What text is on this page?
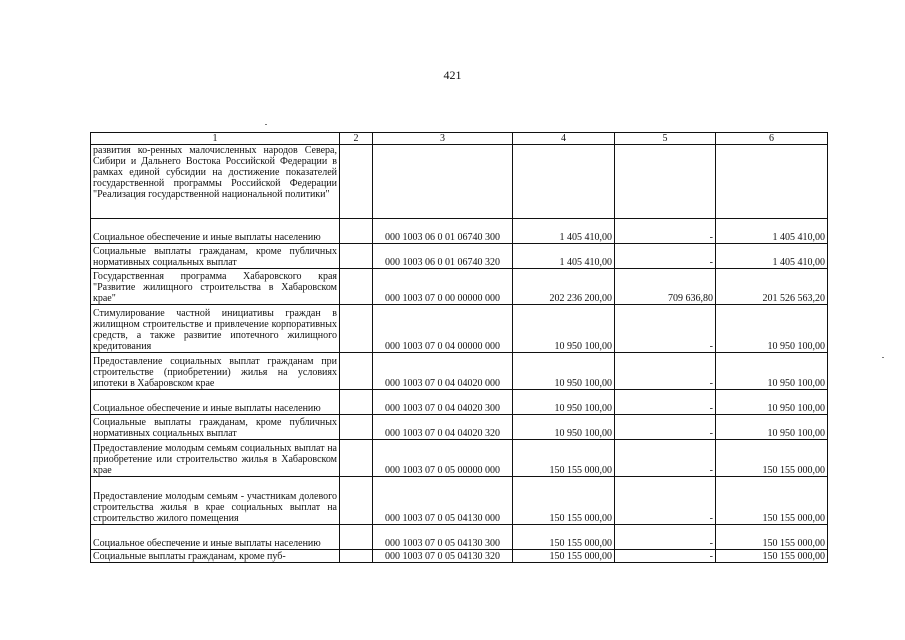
421
1	2	3	4	5	6
развития ко-ренных малочисленных народов Севера, Сибири и Дальнего Востока Российской Федерации в рамках единой субсидии на достижение показателей государственной программы Российской Федерации "Реализация государственной национальной политики"					
Социальное обеспечение и иные выплаты населению		000 1003 06 0 01 06740 300	1 405 410,00	-	1 405 410,00
Социальные выплаты гражданам, кроме публичных нормативных социальных выплат		000 1003 06 0 01 06740 320	1 405 410,00	-	1 405 410,00
Государственная программа Хабаровского края "Развитие жилищного строительства в Хабаровском крае"		000 1003 07 0 00 00000 000	202 236 200,00	709 636,80	201 526 563,20
Стимулирование частной инициативы граждан в жилищном строительстве и привлечение корпоративных средств, а также развитие ипотечного жилищного кредитования		000 1003 07 0 04 00000 000	10 950 100,00	-	10 950 100,00
Предоставление социальных выплат гражданам при строительстве (приобретении) жилья на условиях ипотеки в Хабаровском крае		000 1003 07 0 04 04020 000	10 950 100,00	-	10 950 100,00
Социальное обеспечение и иные выплаты населению		000 1003 07 0 04 04020 300	10 950 100,00	-	10 950 100,00
Социальные выплаты гражданам, кроме публичных нормативных социальных выплат		000 1003 07 0 04 04020 320	10 950 100,00	-	10 950 100,00
Предоставление молодым семьям социальных выплат на приобретение или строительство жилья в Хабаровском крае		000 1003 07 0 05 00000 000	150 155 000,00	-	150 155 000,00
Предоставление молодым семьям - участникам долевого строительства жилья в крае социальных выплат на строительство жилого помещения		000 1003 07 0 05 04130 000	150 155 000,00	-	150 155 000,00
Социальное обеспечение и иные выплаты населению		000 1003 07 0 05 04130 300	150 155 000,00	-	150 155 000,00
Социальные выплаты гражданам, кроме пуб-		000 1003 07 0 05 04130 320	150 155 000,00	-	150 155 000,00
